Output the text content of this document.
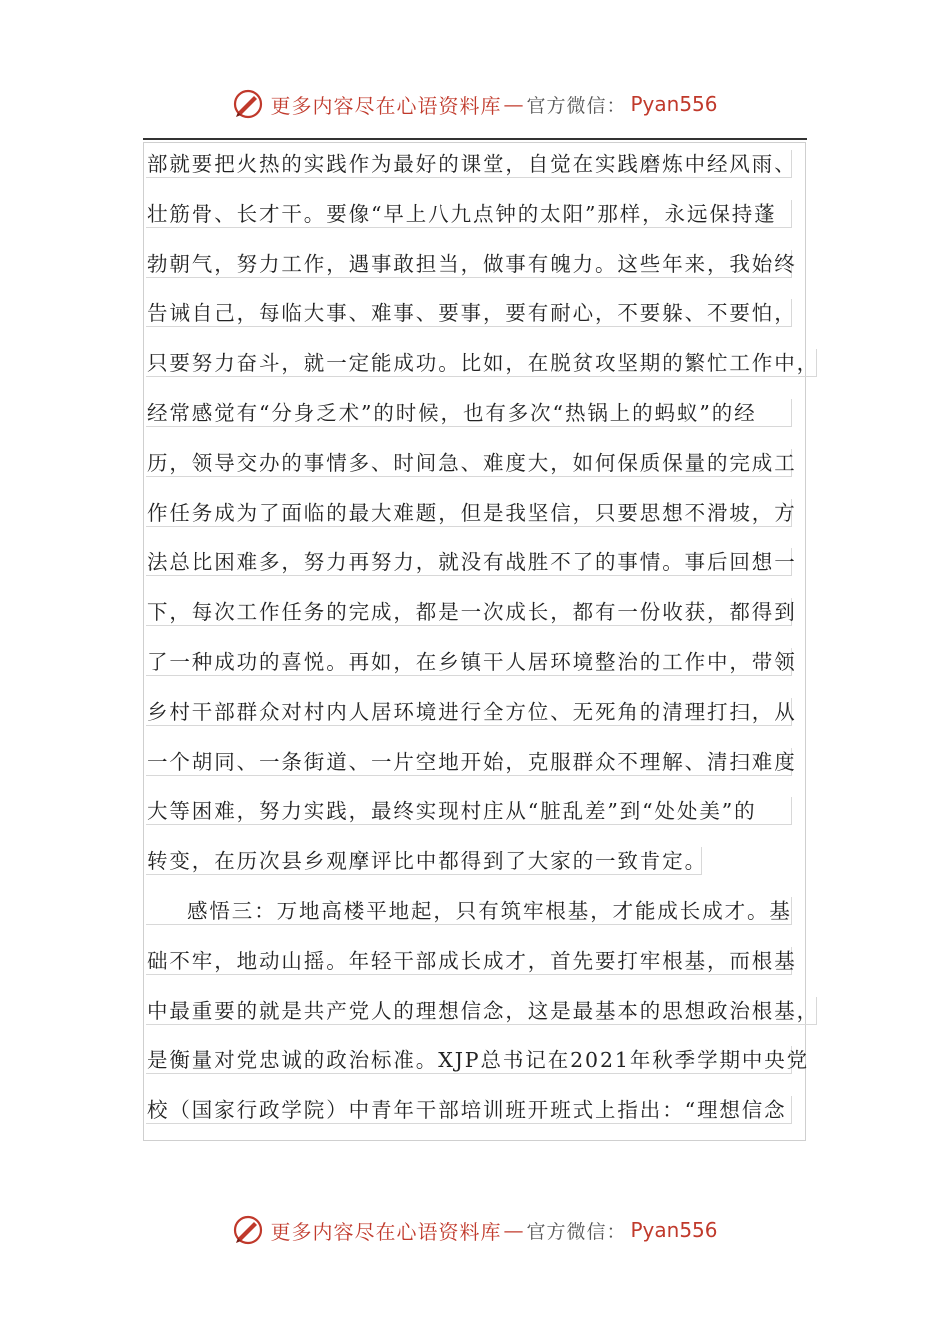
更多内容尽在心语资料库 — 官方微信： Pyan556
部就要把火热的实践作为最好的课堂，自觉在实践磨炼中经风雨、
壮筋骨、长才干。要像“早上八九点钟的太阳”那样，永远保持蓬
勃朝气，努力工作，遇事敢担当，做事有魄力。这些年来，我始终
告诫自己，每临大事、难事、要事，要有耐心，不要躲、不要怕，
只要努力奋斗，就一定能成功。比如，在脱贫攻坚期的繁忙工作中，
经常感觉有“分身乏术”的时候，也有多次“热锅上的蚂蚁”的经
历，领导交办的事情多、时间急、难度大，如何保质保量的完成工
作任务成为了面临的最大难题，但是我坚信，只要思想不滑坡，方
法总比困难多，努力再努力，就没有战胜不了的事情。事后回想一
下，每次工作任务的完成，都是一次成长，都有一份收获，都得到
了一种成功的喜悦。再如，在乡镇干人居环境整治的工作中，带领
乡村干部群众对村内人居环境进行全方位、无死角的清理打扫，从
一个胡同、一条街道、一片空地开始，克服群众不理解、清扫难度
大等困难，努力实践，最终实现村庄从“脏乱差”到“处处美”的
转变，在历次县乡观摩评比中都得到了大家的一致肯定。
感悟三：万地高楼平地起，只有筑牢根基，才能成长成才。基
础不牢，地动山摇。年轻干部成长成才，首先要打牢根基，而根基
中最重要的就是共产党人的理想信念，这是最基本的思想政治根基，
是衡量对党忠诚的政治标准。XJP总书记在2021年秋季学期中央党
校（国家行政学院）中青年干部培训班开班式上指出：“理想信念
更多内容尽在心语资料库 — 官方微信： Pyan556
